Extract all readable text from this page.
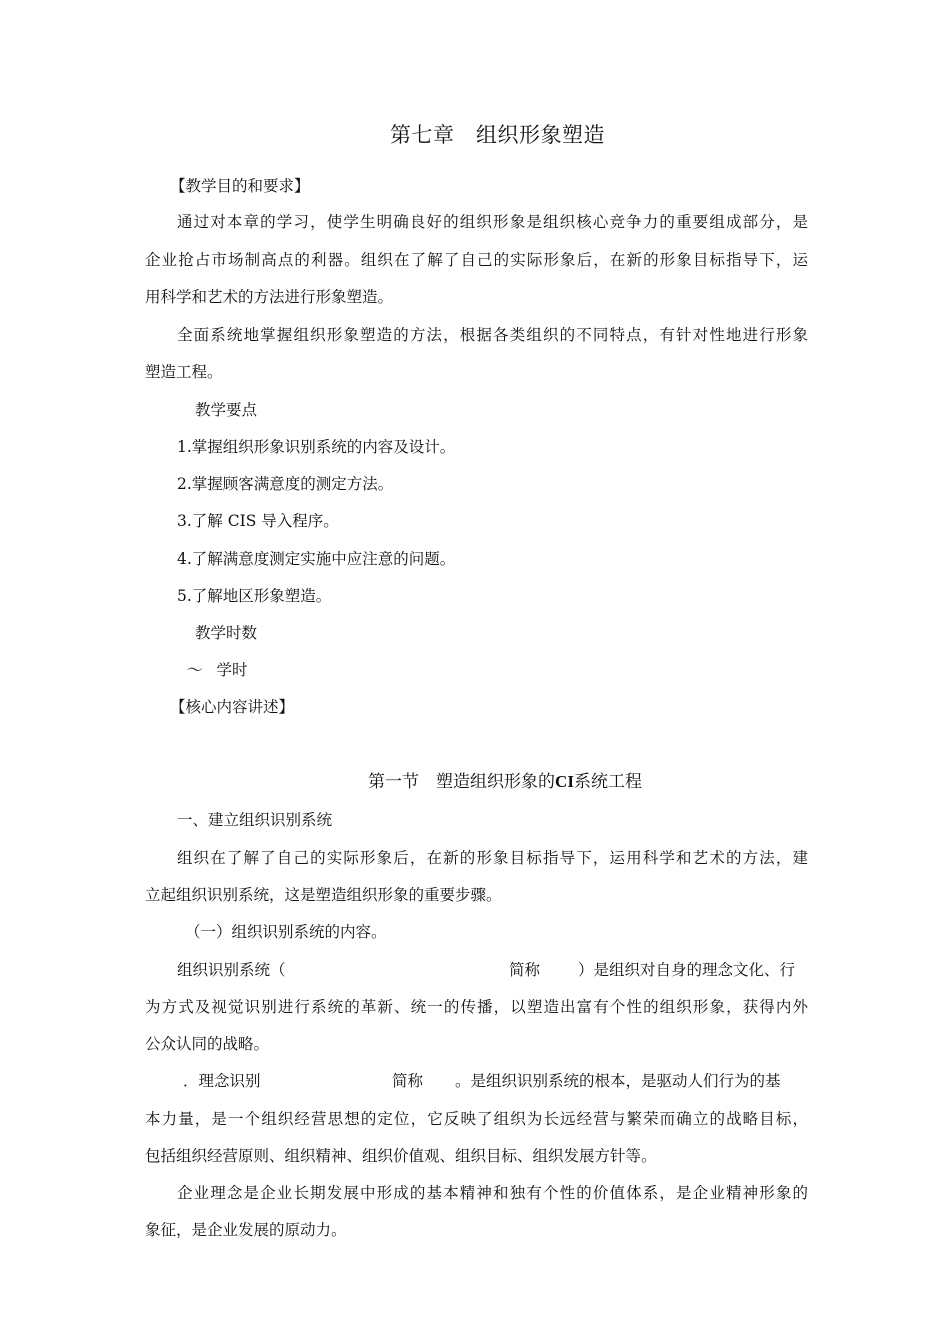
第七章　组织形象塑造
【教学目的和要求】
通过对本章的学习，使学生明确良好的组织形象是组织核心竞争力的重要组成部分，是
企业抢占市场制高点的利器。组织在了解了自己的实际形象后，在新的形象目标指导下，运
用科学和艺术的方法进行形象塑造。
全面系统地掌握组织形象塑造的方法，根据各类组织的不同特点，有针对性地进行形象
塑造工程。
教学要点
1.掌握组织形象识别系统的内容及设计。
2.掌握顾客满意度的测定方法。
3.了解 CIS 导入程序。
4.了解满意度测定实施中应注意的问题。
5.了解地区形象塑造。
教学时数
～ 学时
【核心内容讲述】
第一节　塑造组织形象的CI系统工程
一、建立组织识别系统
组织在了解了自己的实际形象后，在新的形象目标指导下，运用科学和艺术的方法，建
立起组织识别系统，这是塑造组织形象的重要步骤。
（一）组织识别系统的内容。
组织识别系统（	简称 ）是组织对自身的理念文化、行
为方式及视觉识别进行系统的革新、统一的传播，以塑造出富有个性的组织形象，获得内外
公众认同的战略。
．理念识别	简称 。是组织识别系统的根本，是驱动人们行为的基
本力量，是一个组织经营思想的定位，它反映了组织为长远经营与繁荣而确立的战略目标，
包括组织经营原则、组织精神、组织价值观、组织目标、组织发展方针等。
企业理念是企业长期发展中形成的基本精神和独有个性的价值体系，是企业精神形象的
象征，是企业发展的原动力。
